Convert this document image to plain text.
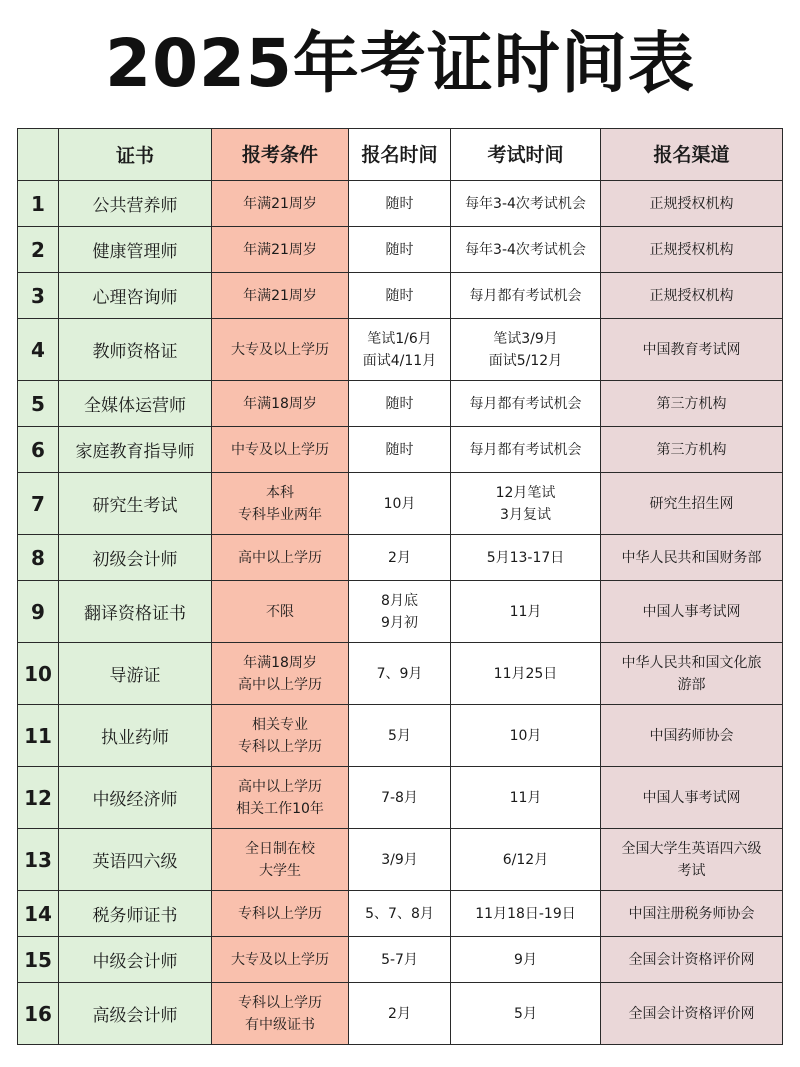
2025年考证时间表
	证书	报考条件	报名时间	考试时间	报名渠道
1	公共营养师	年满21周岁	随时	每年3-4次考试机会	正规授权机构

2	健康管理师	年满21周岁	随时	每年3-4次考试机会	正规授权机构

3	心理咨询师	年满21周岁	随时	每月都有考试机会	正规授权机构

4	教师资格证	大专及以上学历	笔试1/6月
面试4/11月	笔试3/9月
面试5/12月	中国教育考试网

5	全媒体运营师	年满18周岁	随时	每月都有考试机会	第三方机构

6	家庭教育指导师	中专及以上学历	随时	每月都有考试机会	第三方机构

7	研究生考试	本科
专科毕业两年	10月	12月笔试
3月复试	研究生招生网

8	初级会计师	高中以上学历	2月	5月13-17日	中华人民共和国财务部

9	翻译资格证书	不限	8月底
9月初	11月	中国人事考试网

10	导游证	年满18周岁
高中以上学历	7、9月	11月25日	中华人民共和国文化旅
游部

11	执业药师	相关专业
专科以上学历	5月	10月	中国药师协会

12	中级经济师	高中以上学历
相关工作10年	7-8月	11月	中国人事考试网

13	英语四六级	全日制在校
大学生	3/9月	6/12月	全国大学生英语四六级
考试

14	税务师证书	专科以上学历	5、7、8月	11月18日-19日	中国注册税务师协会

15	中级会计师	大专及以上学历	5-7月	9月	全国会计资格评价网

16	高级会计师	专科以上学历
有中级证书	2月	5月	全国会计资格评价网
